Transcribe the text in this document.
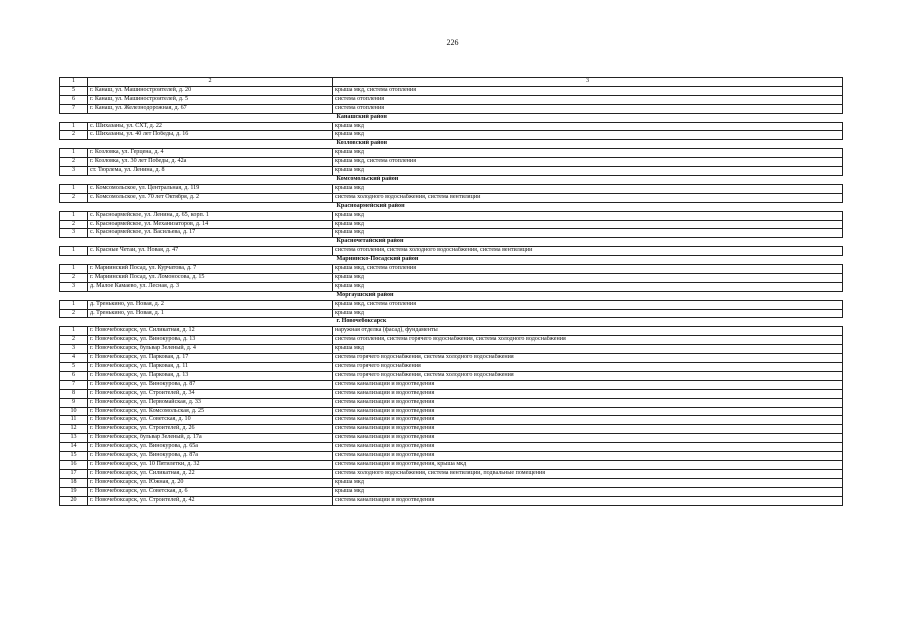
226
1	2	3
5	г. Канаш, ул. Машиностроителей, д. 20	крыша мкд, система отопления
6	г. Канаш, ул. Машиностроителей, д. 5	система отопления
7	г. Канаш, ул. Железнодорожная, д. 67	система отопления
		Канашский район
1	с. Шихазаны, ул. СХТ, д. 22	крыша мкд
2	с. Шихазаны, ул. 40 лет Победы, д. 16	крыша мкд
		Козловский район
1	г. Козловка, ул. Герцена, д. 4	крыша мкд
2	г. Козловка, ул. 30 лет Победы, д. 42а	крыша мкд, система отопления
3	ст. Тюрлема, ул. Ленина, д. 8	крыша мкд
		Комсомольский район
1	с. Комсомольское, ул. Центральная, д. 119	крыша мкд
2	с. Комсомольское, ул. 70 лет Октября, д. 2	система холодного водоснабжения, система вентиляции
		Красноармейский район
1	с. Красноармейское, ул. Ленина, д. 65, корп. 1	крыша мкд
2	с. Красноармейское, ул. Механизаторов, д. 14	крыша мкд
3	с. Красноармейское, ул. Васильева, д. 17	крыша мкд
		Красночетайский район
1	с. Красные Четаи, ул. Новая, д. 47	система отопления, система холодного водоснабжения, система вентиляции
		Мариинско-Посадский район
1	г. Мариинский Посад, ул. Курчатова, д. 7	крыша мкд, система отопления
2	г. Мариинский Посад, ул. Ломоносова, д. 15	крыша мкд
3	д. Малое Камаево, ул. Лесная, д. 3	крыша мкд
		Моргаушский район
1	д. Тренькино, ул. Новая, д. 2	крыша мкд, система отопления
2	д. Тренькино, ул. Новая, д. 1	крыша мкд
		г. Новочебоксарск
1	г. Новочебоксарск, ул. Силикатная, д. 12	наружная отделка (фасад), фундаменты
2	г. Новочебоксарск, ул. Винокурова, д. 13	система отопления, система горячего водоснабжения, система холодного водоснабжения
3	г. Новочебоксарск, бульвар Зеленый, д. 4	крыша мкд
4	г. Новочебоксарск, ул. Парковая, д. 17	система горячего водоснабжения, система холодного водоснабжения
5	г. Новочебоксарск, ул. Парковая, д. 11	система горячего водоснабжения
6	г. Новочебоксарск, ул. Парковая, д. 13	система горячего водоснабжения, система холодного водоснабжения
7	г. Новочебоксарск, ул. Винокурова, д. 87	система канализации и водоотведения
8	г. Новочебоксарск, ул. Строителей, д. 34	система канализации и водоотведения
9	г. Новочебоксарск, ул. Первомайская, д. 33	система канализации и водоотведения
10	г. Новочебоксарск, ул. Комсомольская, д. 25	система канализации и водоотведения
11	г. Новочебоксарск, ул. Советская, д. 10	система канализации и водоотведения
12	г. Новочебоксарск, ул. Строителей, д. 26	система канализации и водоотведения
13	г. Новочебоксарск, бульвар Зеленый, д. 17а	система канализации и водоотведения
14	г. Новочебоксарск, ул. Винокурова, д. 65а	система канализации и водоотведения
15	г. Новочебоксарск, ул. Винокурова, д. 87а	система канализации и водоотведения
16	г. Новочебоксарск, ул. 10 Пятилетки, д. 32	система канализации и водоотведения, крыша мкд
17	г. Новочебоксарск, ул. Силикатная, д. 22	система холодного водоснабжения, система вентиляции, подвальные помещения
18	г. Новочебоксарск, ул. Южная, д. 20	крыша мкд
19	г. Новочебоксарск, ул. Советская, д. 6	крыша мкд
20	г. Новочебоксарск, ул. Строителей, д. 42	система канализации и водоотведения
